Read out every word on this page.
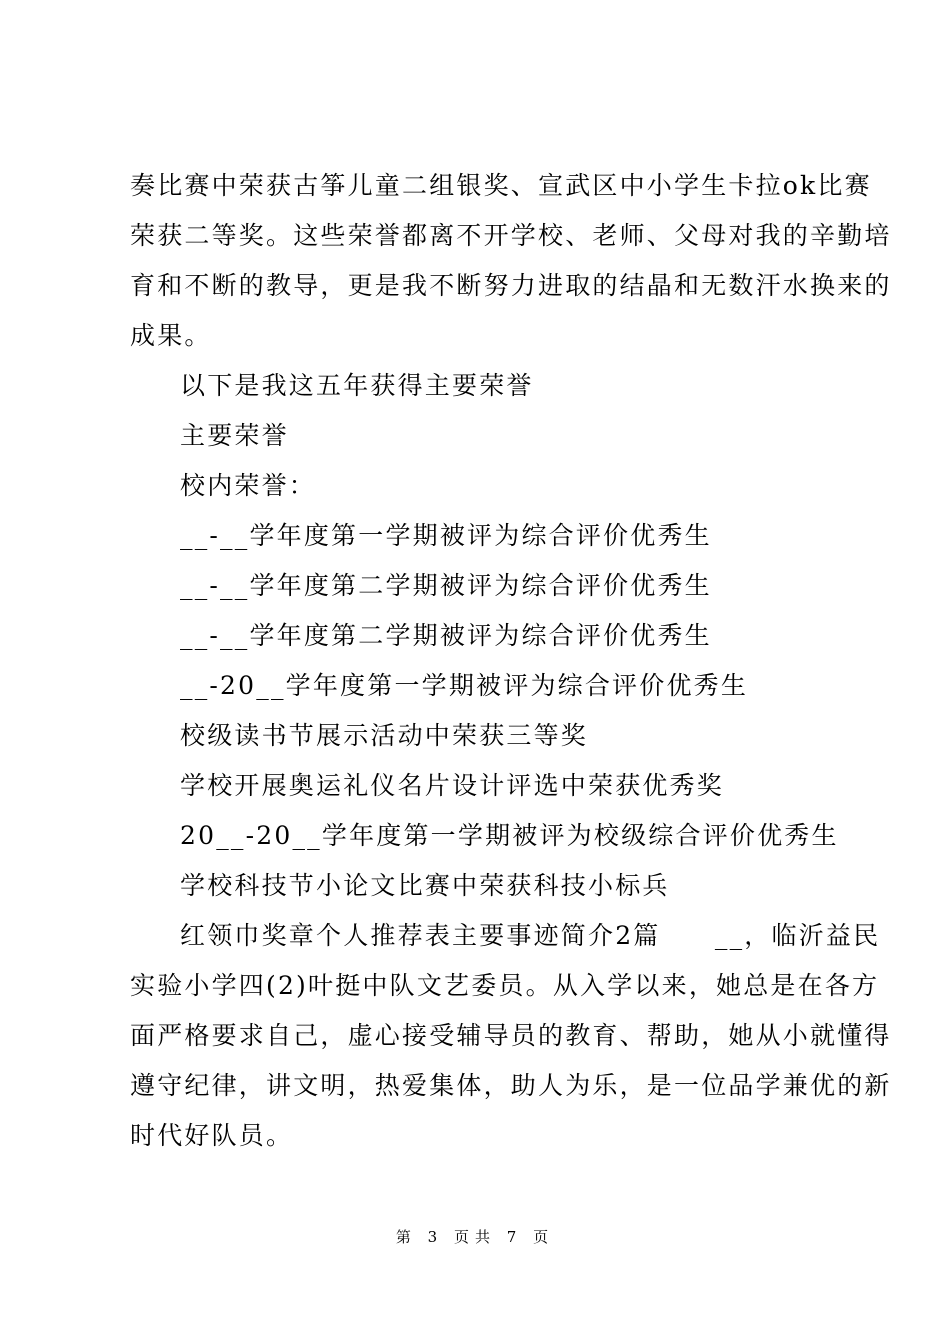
奏比赛中荣获古筝儿童二组银奖、宣武区中小学生卡拉ok比赛
荣获二等奖。这些荣誉都离不开学校、老师、父母对我的辛勤培
育和不断的教导，更是我不断努力进取的结晶和无数汗水换来的
成果。
以下是我这五年获得主要荣誉
主要荣誉
校内荣誉：
__-__学年度第一学期被评为综合评价优秀生
__-__学年度第二学期被评为综合评价优秀生
__-__学年度第二学期被评为综合评价优秀生
__-20__学年度第一学期被评为综合评价优秀生
校级读书节展示活动中荣获三等奖
学校开展奥运礼仪名片设计评选中荣获优秀奖
20__-20__学年度第一学期被评为校级综合评价优秀生
学校科技节小论文比赛中荣获科技小标兵
红领巾奖章个人推荐表主要事迹简介2篇　　__，临沂益民
实验小学四(2)叶挺中队文艺委员。从入学以来，她总是在各方
面严格要求自己，虚心接受辅导员的教育、帮助，她从小就懂得
遵守纪律，讲文明，热爱集体，助人为乐，是一位品学兼优的新
时代好队员。
第 3 页共 7 页
